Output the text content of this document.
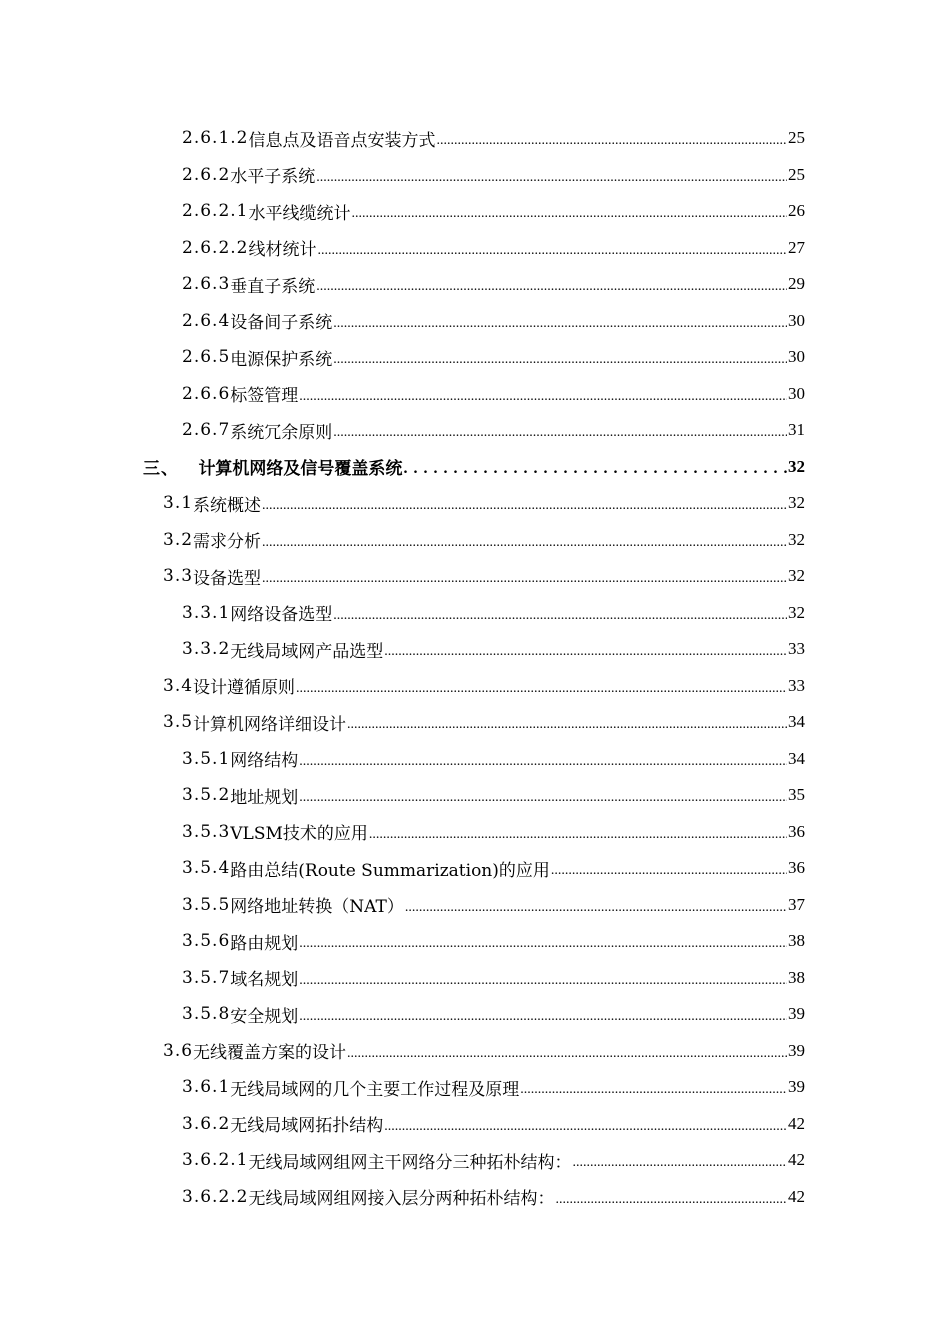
2.6.1.2 信息点及语音点安装方式 .....	25
2.6.2 水平子系统 .....	25
2.6.2.1 水平线缆统计 .....	26
2.6.2.2 线材统计 .....	27
2.6.3 垂直子系统 .....	29
2.6.4 设备间子系统 .....	30
2.6.5 电源保护系统 .....	30
2.6.6 标签管理 .....	30
2.6.7 系统冗余原则 .....	31
三、	计算机网络及信号覆盖系统 . . .	32
3.1 系统概述 .....	32
3.2 需求分析 .....	32
3.3 设备选型 .....	32
3.3.1 网络设备选型 .....	32
3.3.2 无线局域网产品选型 .....	33
3.4 设计遵循原则 .....	33
3.5 计算机网络详细设计 .....	34
3.5.1 网络结构 .....	34
3.5.2 地址规划 .....	35
3.5.3 VLSM技术的应用 .....	36
3.5.4 路由总结(Route Summarization)的应用 .....	36
3.5.5 网络地址转换（NAT） .....	37
3.5.6 路由规划 .....	38
3.5.7 域名规划 .....	38
3.5.8 安全规划 .....	39
3.6 无线覆盖方案的设计 .....	39
3.6.1 无线局域网的几个主要工作过程及原理 .....	39
3.6.2 无线局域网拓扑结构 .....	42
3.6.2.1 无线局域网组网主干网络分三种拓朴结构： .....	42
3.6.2.2 无线局域网组网接入层分两种拓朴结构： .....	42
